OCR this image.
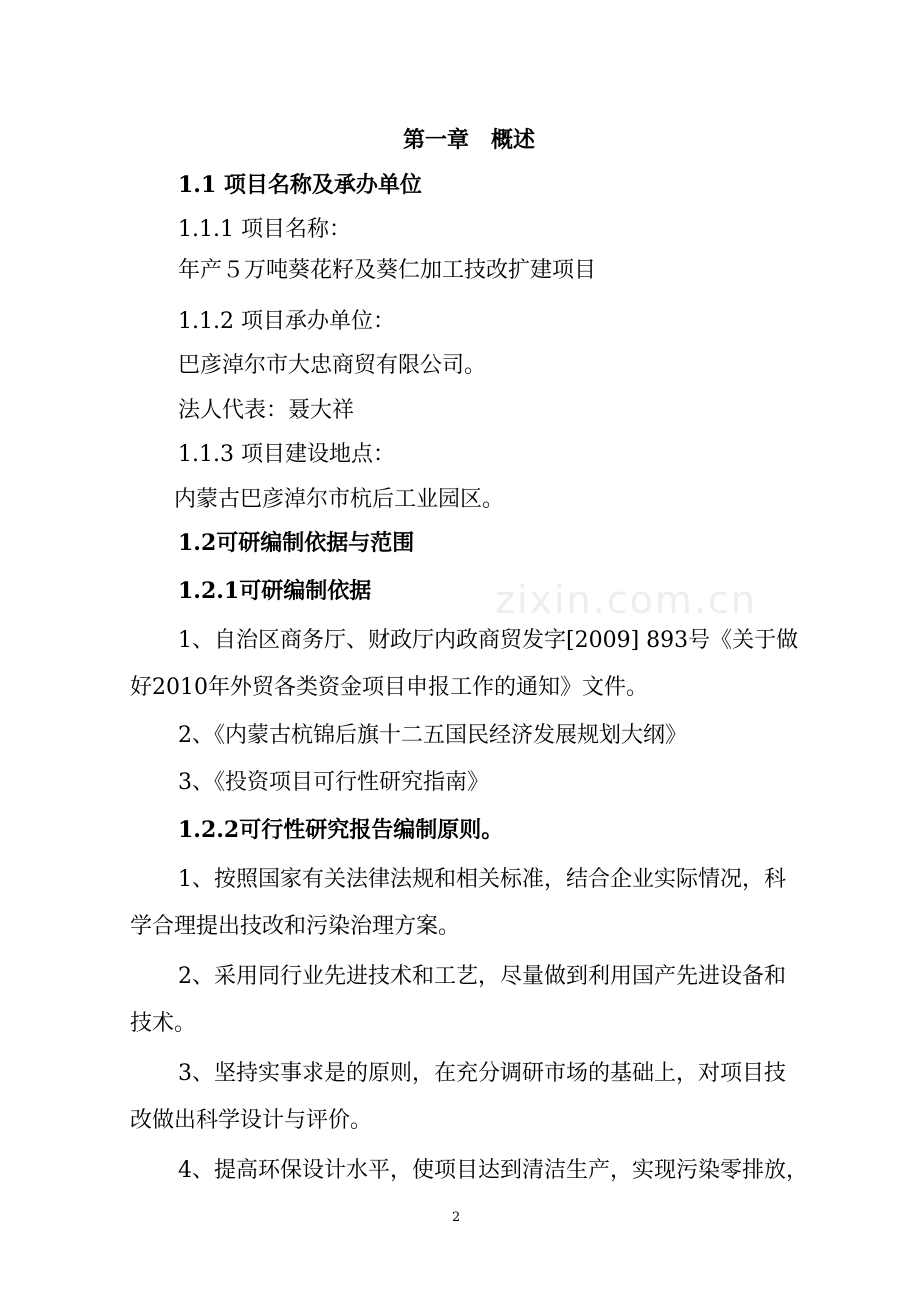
第一章　概述
1.1 项目名称及承办单位
1.1.1 项目名称：
年产５万吨葵花籽及葵仁加工技改扩建项目
1.1.2 项目承办单位：
巴彦淖尔市大忠商贸有限公司。
法人代表：聂大祥
1.1.3 项目建设地点：
内蒙古巴彦淖尔市杭后工业园区。
1.2可研编制依据与范围
zixin.com.cn
1.2.1可研编制依据
1、自治区商务厅、财政厅内政商贸发字[2009] 893号《关于做
好2010年外贸各类资金项目申报工作的通知》文件。
2、《内蒙古杭锦后旗十二五国民经济发展规划大纲》
3、《投资项目可行性研究指南》
1.2.2可行性研究报告编制原则。
1、按照国家有关法律法规和相关标准，结合企业实际情况，科
学合理提出技改和污染治理方案。
2、采用同行业先进技术和工艺，尽量做到利用国产先进设备和
技术。
3、坚持实事求是的原则，在充分调研市场的基础上，对项目技
改做出科学设计与评价。
4、提高环保设计水平，使项目达到清洁生产，实现污染零排放，
2
